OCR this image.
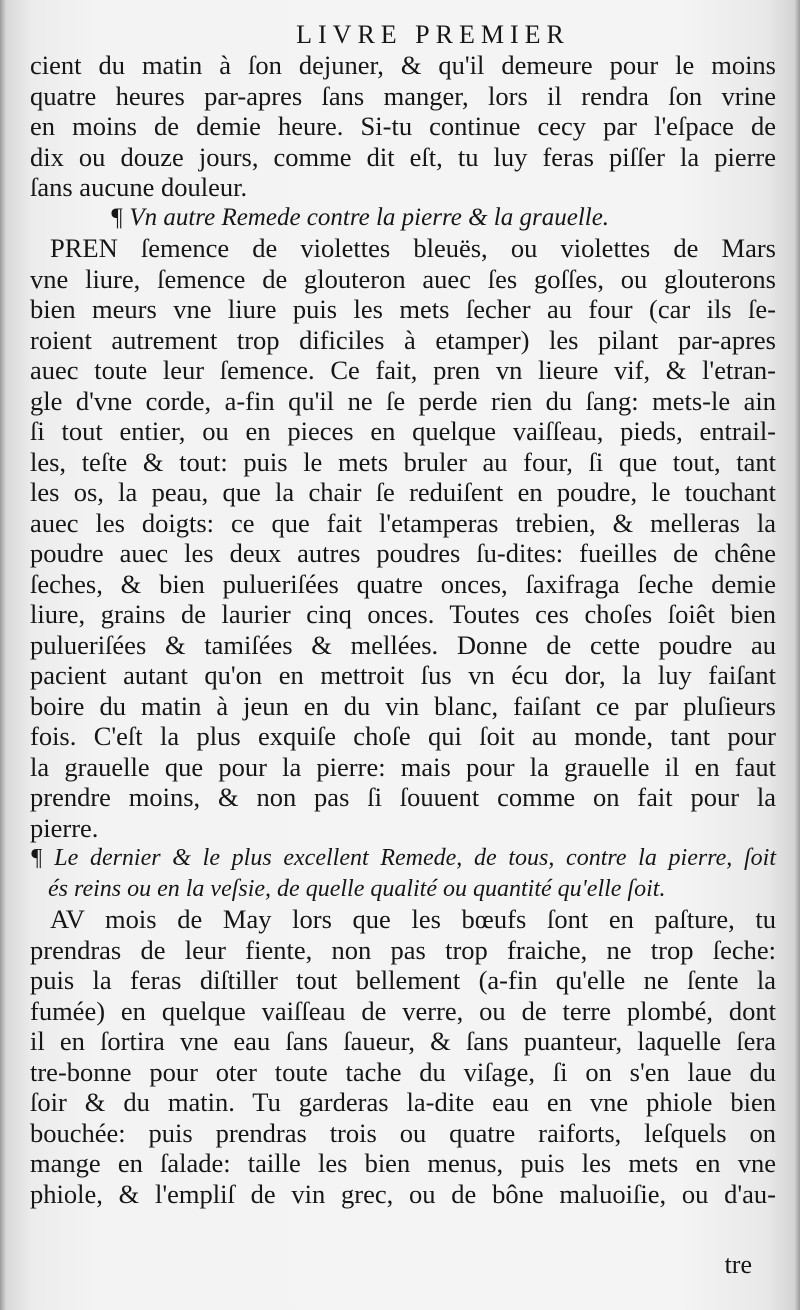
LIVRE PREMIER
cient du matin à ſon dejuner, & qu'il demeure pour le moins
quatre heures par-apres ſans manger, lors il rendra ſon vrine
en moins de demie heure. Si-tu continue cecy par l'eſpace de
dix ou douze jours, comme dit eſt, tu luy feras piſſer la pierre
ſans aucune douleur.
¶ Vn autre Remede contre la pierre & la grauelle.
PREN ſemence de violettes bleuës, ou violettes de Mars
vne liure, ſemence de glouteron auec ſes goſſes, ou glouterons
bien meurs vne liure puis les mets ſecher au four (car ils ſe-
roient autrement trop dificiles à etamper) les pilant par-apres
auec toute leur ſemence. Ce fait, pren vn lieure vif, & l'etran-
gle d'vne corde, a-fin qu'il ne ſe perde rien du ſang: mets-le ain
ſi tout entier, ou en pieces en quelque vaiſſeau, pieds, entrail-
les, teſte & tout: puis le mets bruler au four, ſi que tout, tant
les os, la peau, que la chair ſe reduiſent en poudre, le touchant
auec les doigts: ce que fait l'etamperas trebien, & melleras la
poudre auec les deux autres poudres ſu-dites: fueilles de chêne
ſeches, & bien pulueriſées quatre onces, ſaxifraga ſeche demie
liure, grains de laurier cinq onces. Toutes ces choſes ſoiêt bien
pulueriſées & tamiſées & mellées. Donne de cette poudre au
pacient autant qu'on en mettroit ſus vn écu dor, la luy faiſant
boire du matin à jeun en du vin blanc, faiſant ce par pluſieurs
fois. C'eſt la plus exquiſe choſe qui ſoit au monde, tant pour
la grauelle que pour la pierre: mais pour la grauelle il en faut
prendre moins, & non pas ſi ſouuent comme on fait pour la
pierre.
¶ Le dernier & le plus excellent Remede, de tous, contre la pierre, ſoit
és reins ou en la veſsie, de quelle qualité ou quantité qu'elle ſoit.
AV mois de May lors que les bœufs ſont en paſture, tu
prendras de leur fiente, non pas trop fraiche, ne trop ſeche:
puis la feras diſtiller tout bellement (a-fin qu'elle ne ſente la
fumée) en quelque vaiſſeau de verre, ou de terre plombé, dont
il en ſortira vne eau ſans ſaueur, & ſans puanteur, laquelle ſera
tre-bonne pour oter toute tache du viſage, ſi on s'en laue du
ſoir & du matin. Tu garderas la-dite eau en vne phiole bien
bouchée: puis prendras trois ou quatre raiforts, leſquels on
mange en ſalade: taille les bien menus, puis les mets en vne
phiole, & l'empliſ de vin grec, ou de bône maluoiſie, ou d'au-
tre
